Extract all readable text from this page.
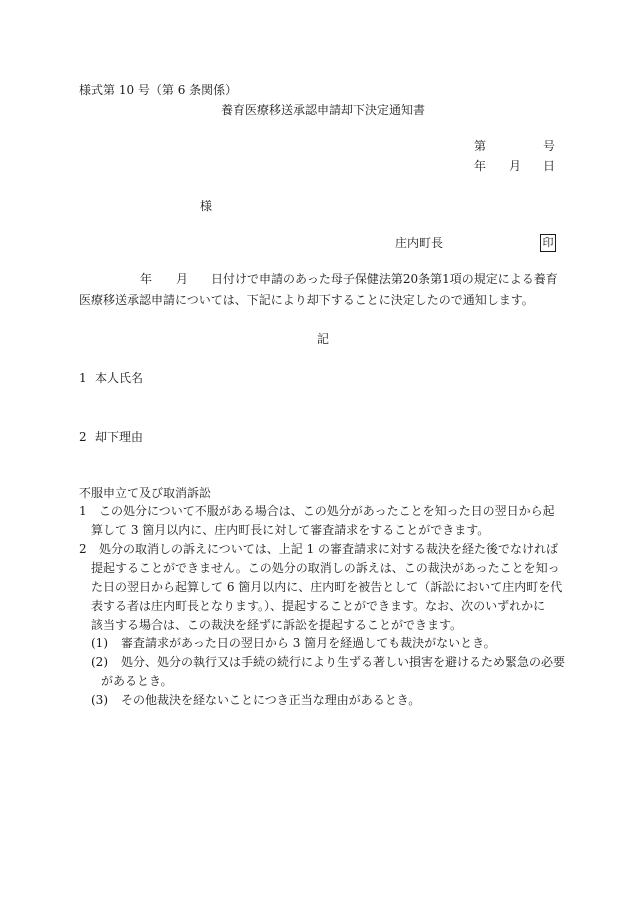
様式第 10 号（第 6 条関係）
養育医療移送承認申請却下決定通知書
第	号
年 月 日
様
庄内町長	印
年 月 日付けで申請のあった母子保健法第20条第1項の規定による養育
医療移送承認申請については、下記により却下することに決定したので通知します。
記
1 本人氏名
2 却下理由
不服申立て及び取消訴訟
1 この処分について不服がある場合は、この処分があったことを知った日の翌日から起
算して 3 箇月以内に、庄内町長に対して審査請求をすることができます。
2 処分の取消しの訴えについては、上記 1 の審査請求に対する裁決を経た後でなければ
提起することができません。この処分の取消しの訴えは、この裁決があったことを知っ
た日の翌日から起算して 6 箇月以内に、庄内町を被告として（訴訟において庄内町を代
表する者は庄内町長となります。）、提起することができます。なお、次のいずれかに
該当する場合は、この裁決を経ずに訴訟を提起することができます。
(1) 審査請求があった日の翌日から 3 箇月を経過しても裁決がないとき。
(2) 処分、処分の執行又は手続の続行により生ずる著しい損害を避けるため緊急の必要
があるとき。
(3) その他裁決を経ないことにつき正当な理由があるとき。
